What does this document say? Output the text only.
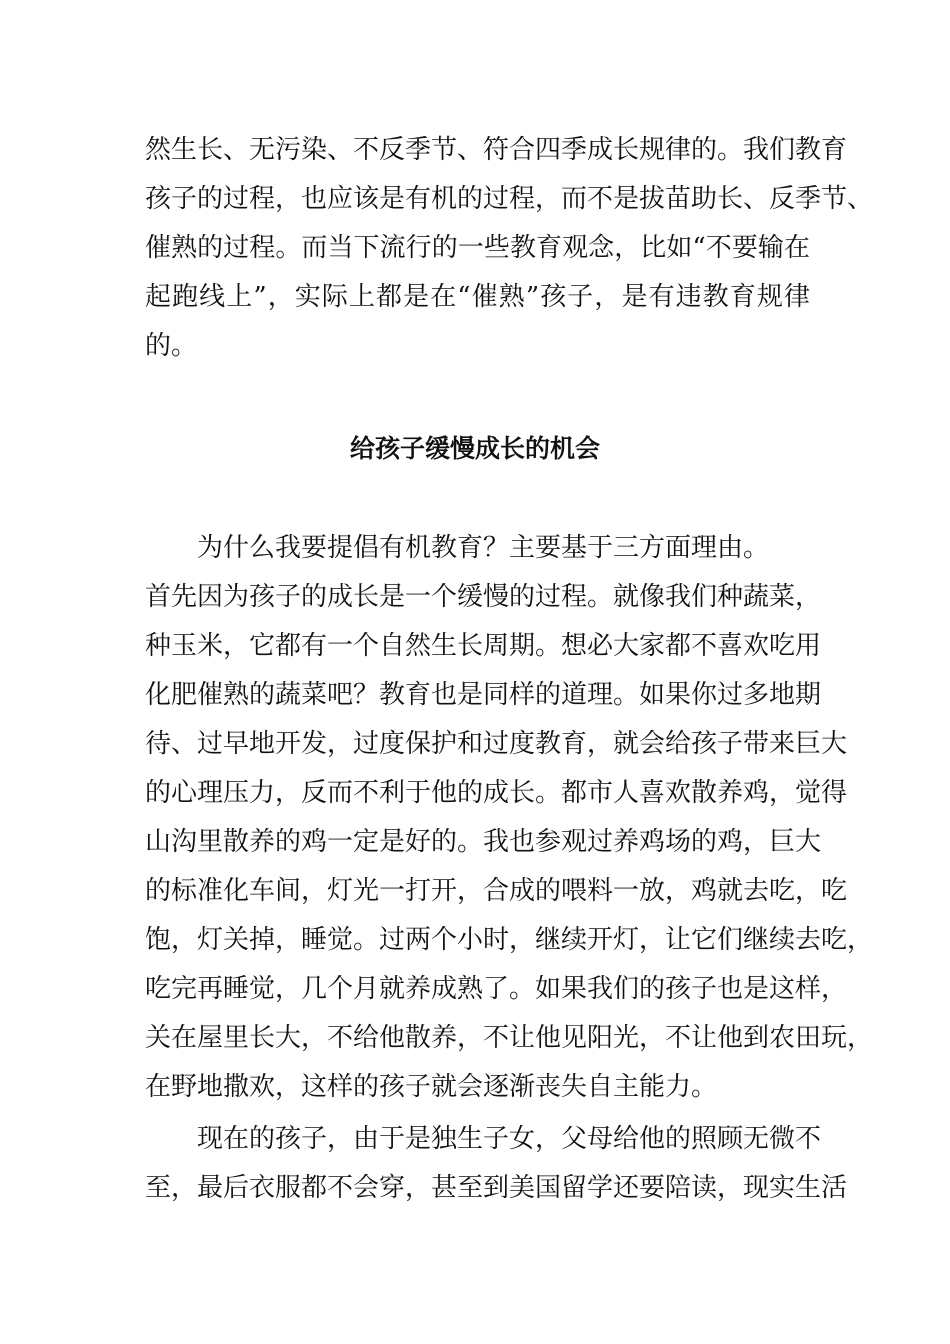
然生长、无污染、不反季节、符合四季成长规律的。我们教育
孩子的过程，也应该是有机的过程，而不是拔苗助长、反季节、
催熟的过程。而当下流行的一些教育观念，比如“不要输在
起跑线上”，实际上都是在“催熟”孩子，是有违教育规律
的。
给孩子缓慢成长的机会
为什么我要提倡有机教育？主要基于三方面理由。
首先因为孩子的成长是一个缓慢的过程。就像我们种蔬菜，
种玉米，它都有一个自然生长周期。想必大家都不喜欢吃用
化肥催熟的蔬菜吧？教育也是同样的道理。如果你过多地期
待、过早地开发，过度保护和过度教育，就会给孩子带来巨大
的心理压力，反而不利于他的成长。都市人喜欢散养鸡，觉得
山沟里散养的鸡一定是好的。我也参观过养鸡场的鸡，巨大
的标准化车间，灯光一打开，合成的喂料一放，鸡就去吃，吃
饱，灯关掉，睡觉。过两个小时，继续开灯，让它们继续去吃，
吃完再睡觉，几个月就养成熟了。如果我们的孩子也是这样，
关在屋里长大，不给他散养，不让他见阳光，不让他到农田玩，
在野地撒欢，这样的孩子就会逐渐丧失自主能力。
现在的孩子，由于是独生子女，父母给他的照顾无微不
至，最后衣服都不会穿，甚至到美国留学还要陪读，现实生活
